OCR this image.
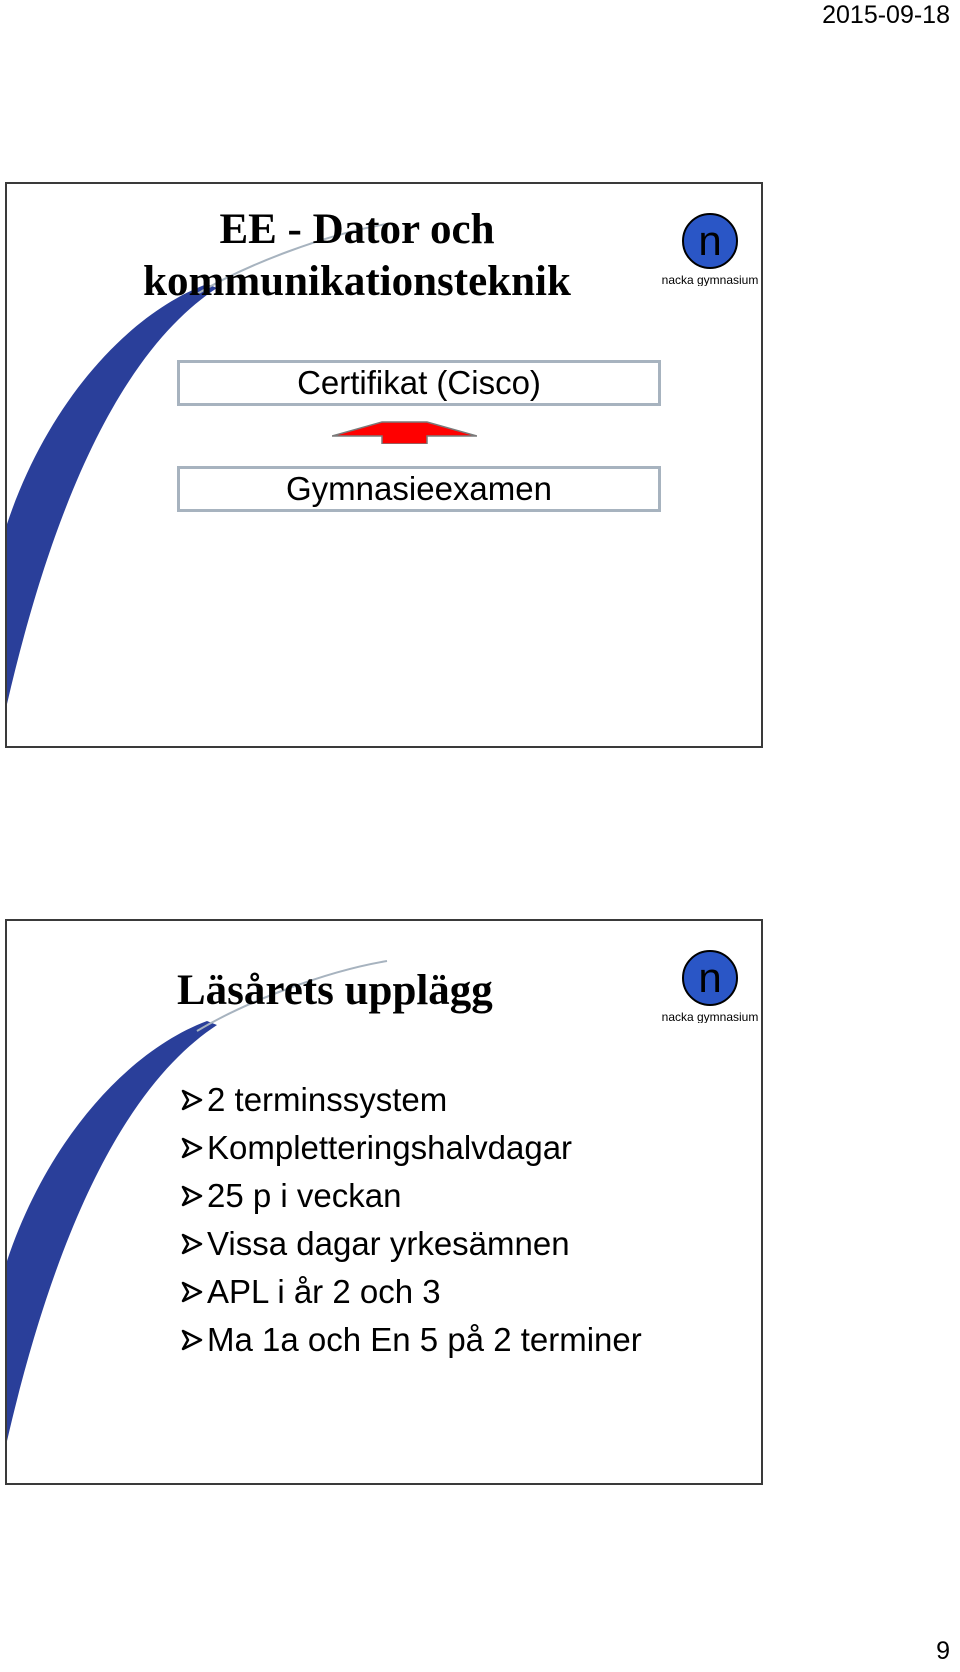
2015-09-18
EE - Dator och
kommunikationsteknik
n
nacka gymnasium
Certifikat (Cisco)
Gymnasieexamen
Läsårets upplägg	n
nacka gymnasium
2 terminssystem
Kompletteringshalvdagar
25 p i veckan
Vissa dagar yrkesämnen
APL i år 2 och 3
Ma 1a och En 5 på 2 terminer
9
